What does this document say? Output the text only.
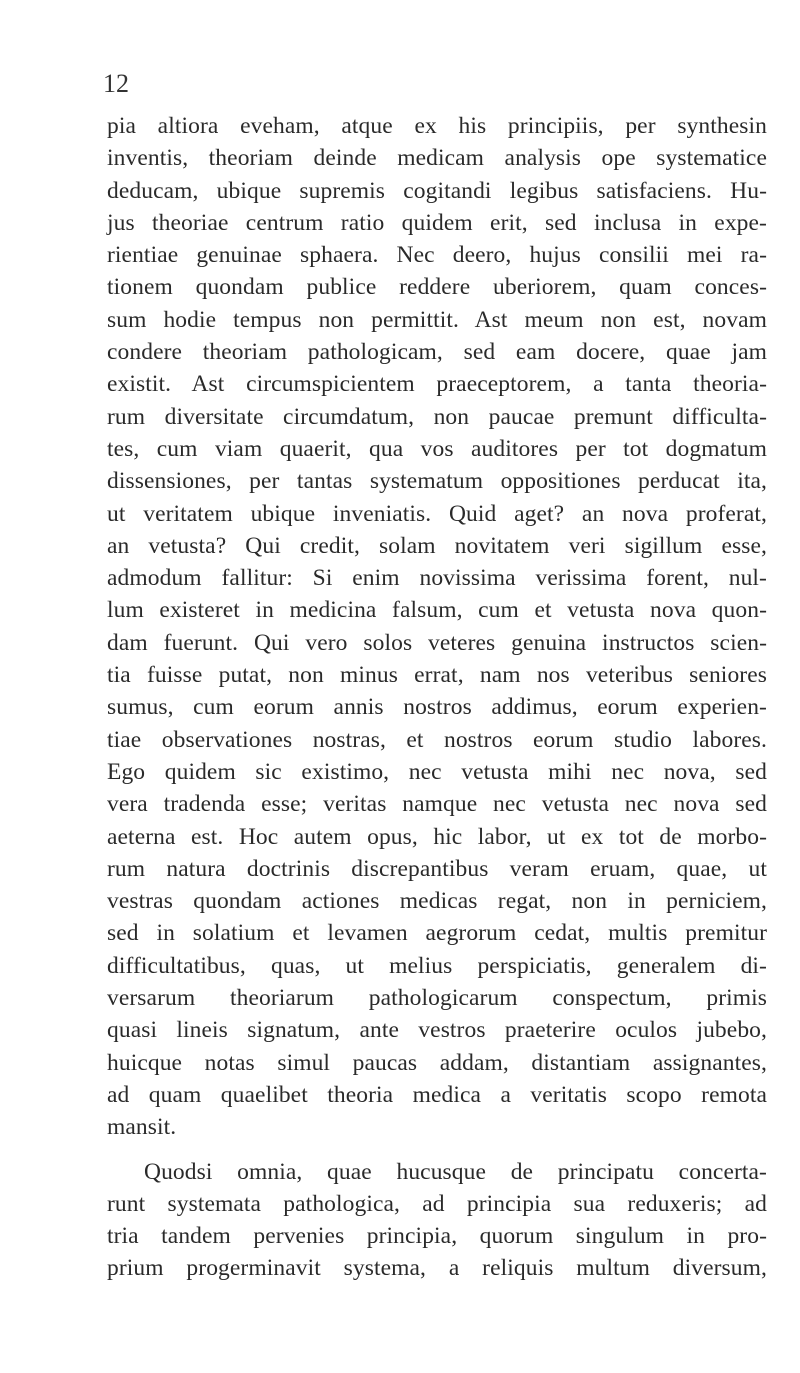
12
pia altiora eveham, atque ex his principiis, per synthesin
inventis, theoriam deinde medicam analysis ope systematice
deducam, ubique supremis cogitandi legibus satisfaciens. Hu-
jus theoriae centrum ratio quidem erit, sed inclusa in expe-
rientiae genuinae sphaera. Nec deero, hujus consilii mei ra-
tionem quondam publice reddere uberiorem, quam conces-
sum hodie tempus non permittit. Ast meum non est, novam
condere theoriam pathologicam, sed eam docere, quae jam
existit. Ast circumspicientem praeceptorem, a tanta theoria-
rum diversitate circumdatum, non paucae premunt difficulta-
tes, cum viam quaerit, qua vos auditores per tot dogmatum
dissensiones, per tantas systematum oppositiones perducat ita,
ut veritatem ubique inveniatis. Quid aget? an nova proferat,
an vetusta? Qui credit, solam novitatem veri sigillum esse,
admodum fallitur: Si enim novissima verissima forent, nul-
lum existeret in medicina falsum, cum et vetusta nova quon-
dam fuerunt. Qui vero solos veteres genuina instructos scien-
tia fuisse putat, non minus errat, nam nos veteribus seniores
sumus, cum eorum annis nostros addimus, eorum experien-
tiae observationes nostras, et nostros eorum studio labores.
Ego quidem sic existimo, nec vetusta mihi nec nova, sed
vera tradenda esse; veritas namque nec vetusta nec nova sed
aeterna est. Hoc autem opus, hic labor, ut ex tot de morbo-
rum natura doctrinis discrepantibus veram eruam, quae, ut
vestras quondam actiones medicas regat, non in perniciem,
sed in solatium et levamen aegrorum cedat, multis premitur
difficultatibus, quas, ut melius perspiciatis, generalem di-
versarum theoriarum pathologicarum conspectum, primis
quasi lineis signatum, ante vestros praeterire oculos jubebo,
huicque notas simul paucas addam, distantiam assignantes,
ad quam quaelibet theoria medica a veritatis scopo remota
mansit.
Quodsi omnia, quae hucusque de principatu concerta-
runt systemata pathologica, ad principia sua reduxeris; ad
tria tandem pervenies principia, quorum singulum in pro-
prium progerminavit systema, a reliquis multum diversum,
